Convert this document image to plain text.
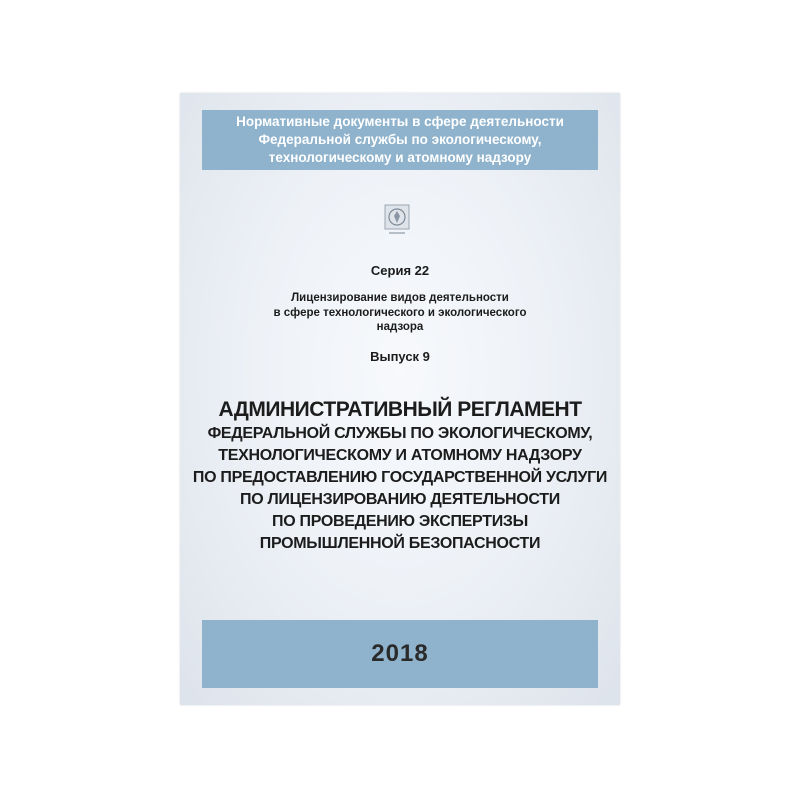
Нормативные документы в сфере деятельности
Федеральной службы по экологическому,
технологическому и атомному надзору
Серия 22
Лицензирование видов деятельности
в сфере технологического и экологического
надзора
Выпуск 9
АДМИНИСТРАТИВНЫЙ РЕГЛАМЕНТ
ФЕДЕРАЛЬНОЙ СЛУЖБЫ ПО ЭКОЛОГИЧЕСКОМУ,
ТЕХНОЛОГИЧЕСКОМУ И АТОМНОМУ НАДЗОРУ
ПО ПРЕДОСТАВЛЕНИЮ ГОСУДАРСТВЕННОЙ УСЛУГИ
ПО ЛИЦЕНЗИРОВАНИЮ ДЕЯТЕЛЬНОСТИ
ПО ПРОВЕДЕНИЮ ЭКСПЕРТИЗЫ
ПРОМЫШЛЕННОЙ БЕЗОПАСНОСТИ
2018
